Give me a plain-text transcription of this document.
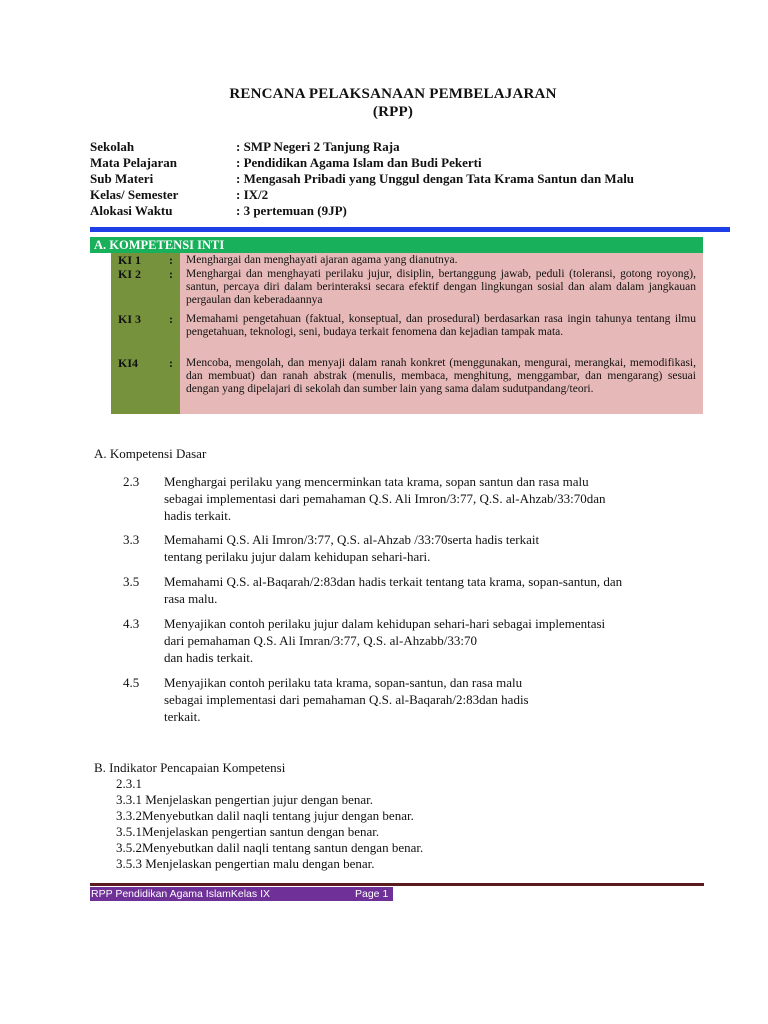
RENCANA PELAKSANAAN PEMBELAJARAN
(RPP)
Sekolah	: SMP Negeri 2 Tanjung Raja
Mata Pelajaran	: Pendidikan Agama Islam dan Budi Pekerti
Sub Materi	: Mengasah Pribadi yang Unggul dengan Tata Krama Santun dan Malu
Kelas/ Semester	: IX/2
Alokasi Waktu	: 3 pertemuan (9JP)
A. KOMPETENSI INTI
KI 1 : Menghargai dan menghayati ajaran agama yang dianutnya.
KI 2 : Menghargai dan menghayati perilaku jujur, disiplin, bertanggung jawab, peduli (toleransi, gotong royong), santun, percaya diri dalam berinteraksi secara efektif dengan lingkungan sosial dan alam dalam jangkauan pergaulan dan keberadaannya
KI 3 : Memahami pengetahuan (faktual, konseptual, dan prosedural) berdasarkan rasa ingin tahunya tentang ilmu pengetahuan, teknologi, seni, budaya terkait fenomena dan kejadian tampak mata.
KI4	: Mencoba, mengolah, dan menyaji dalam ranah konkret (menggunakan, mengurai, merangkai, memodifikasi, dan membuat) dan ranah abstrak (menulis, membaca, menghitung, menggambar, dan mengarang) sesuai dengan yang dipelajari di sekolah dan sumber lain yang sama dalam sudutpandang/teori.
A. Kompetensi Dasar
2.3 Menghargai perilaku yang mencerminkan tata krama, sopan santun dan rasa malu
sebagai implementasi dari pemahaman Q.S. Ali Imron/3:77, Q.S. al-Ahzab/33:70dan
hadis terkait.
3.3 Memahami Q.S. Ali Imron/3:77, Q.S. al-Ahzab /33:70serta hadis terkait
tentang perilaku jujur dalam kehidupan sehari-hari.
3.5 Memahami Q.S. al-Baqarah/2:83dan hadis terkait tentang tata krama, sopan-santun, dan
rasa malu.
4.3 Menyajikan contoh perilaku jujur dalam kehidupan sehari-hari sebagai implementasi
dari pemahaman Q.S. Ali Imran/3:77, Q.S. al-Ahzabb/33:70
dan hadis terkait.
4.5 Menyajikan contoh perilaku tata krama, sopan-santun, dan rasa malu
sebagai implementasi dari pemahaman Q.S. al-Baqarah/2:83dan hadis
terkait.
B. Indikator Pencapaian Kompetensi
2.3.1
3.3.1 Menjelaskan pengertian jujur dengan benar.
3.3.2Menyebutkan dalil naqli tentang jujur dengan benar.
3.5.1Menjelaskan pengertian santun dengan benar.
3.5.2Menyebutkan dalil naqli tentang santun dengan benar.
3.5.3 Menjelaskan pengertian malu dengan benar.
RPP Pendidikan Agama IslamKelas IX	Page 1
